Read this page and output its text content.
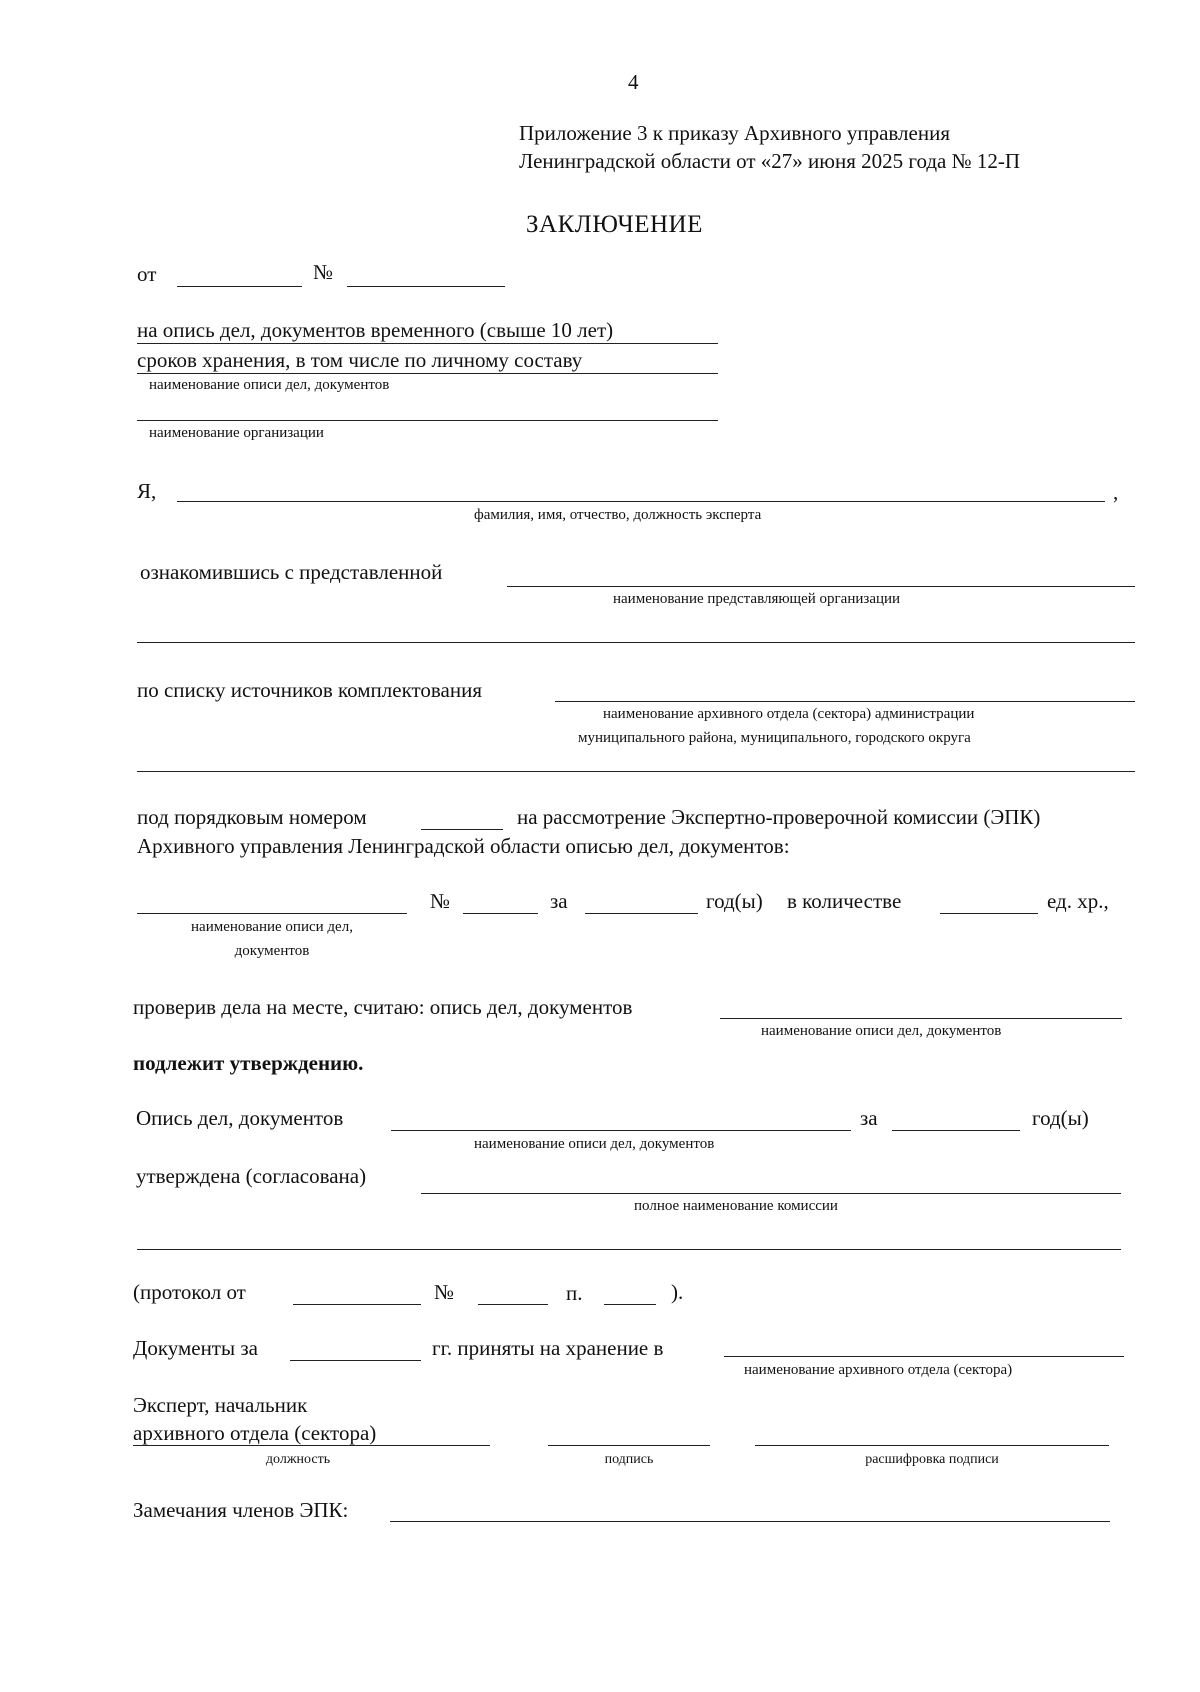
4
Приложение 3 к приказу Архивного управления
Ленинградской области от «27» июня 2025 года № 12-П
ЗАКЛЮЧЕНИЕ
от	№
на опись дел, документов временного (свыше 10 лет)
сроков хранения, в том числе по личному составу
наименование описи дел, документов
наименование организации
Я,	,
фамилия, имя, отчество, должность эксперта
ознакомившись с представленной
наименование представляющей организации
по списку источников комплектования
наименование архивного отдела (сектора) администрации
муниципального района, муниципального, городского округа
под порядковым номером	на рассмотрение Экспертно-проверочной комиссии (ЭПК)
Архивного управления Ленинградской области описью дел, документов:
№	за	год(ы) в количестве	ед. хр.,
наименование описи дел,
документов
проверив дела на месте, считаю: опись дел, документов
наименование описи дел, документов
подлежит утверждению.
Опись дел, документов	за	год(ы)
наименование описи дел, документов
утверждена (согласована)
полное наименование комиссии
(протокол от	№	п.	).
Документы за	гг. приняты на хранение в
наименование архивного отдела (сектора)
Эксперт, начальник
архивного отдела (сектора)
должность	подпись	расшифровка подписи
Замечания членов ЭПК:
